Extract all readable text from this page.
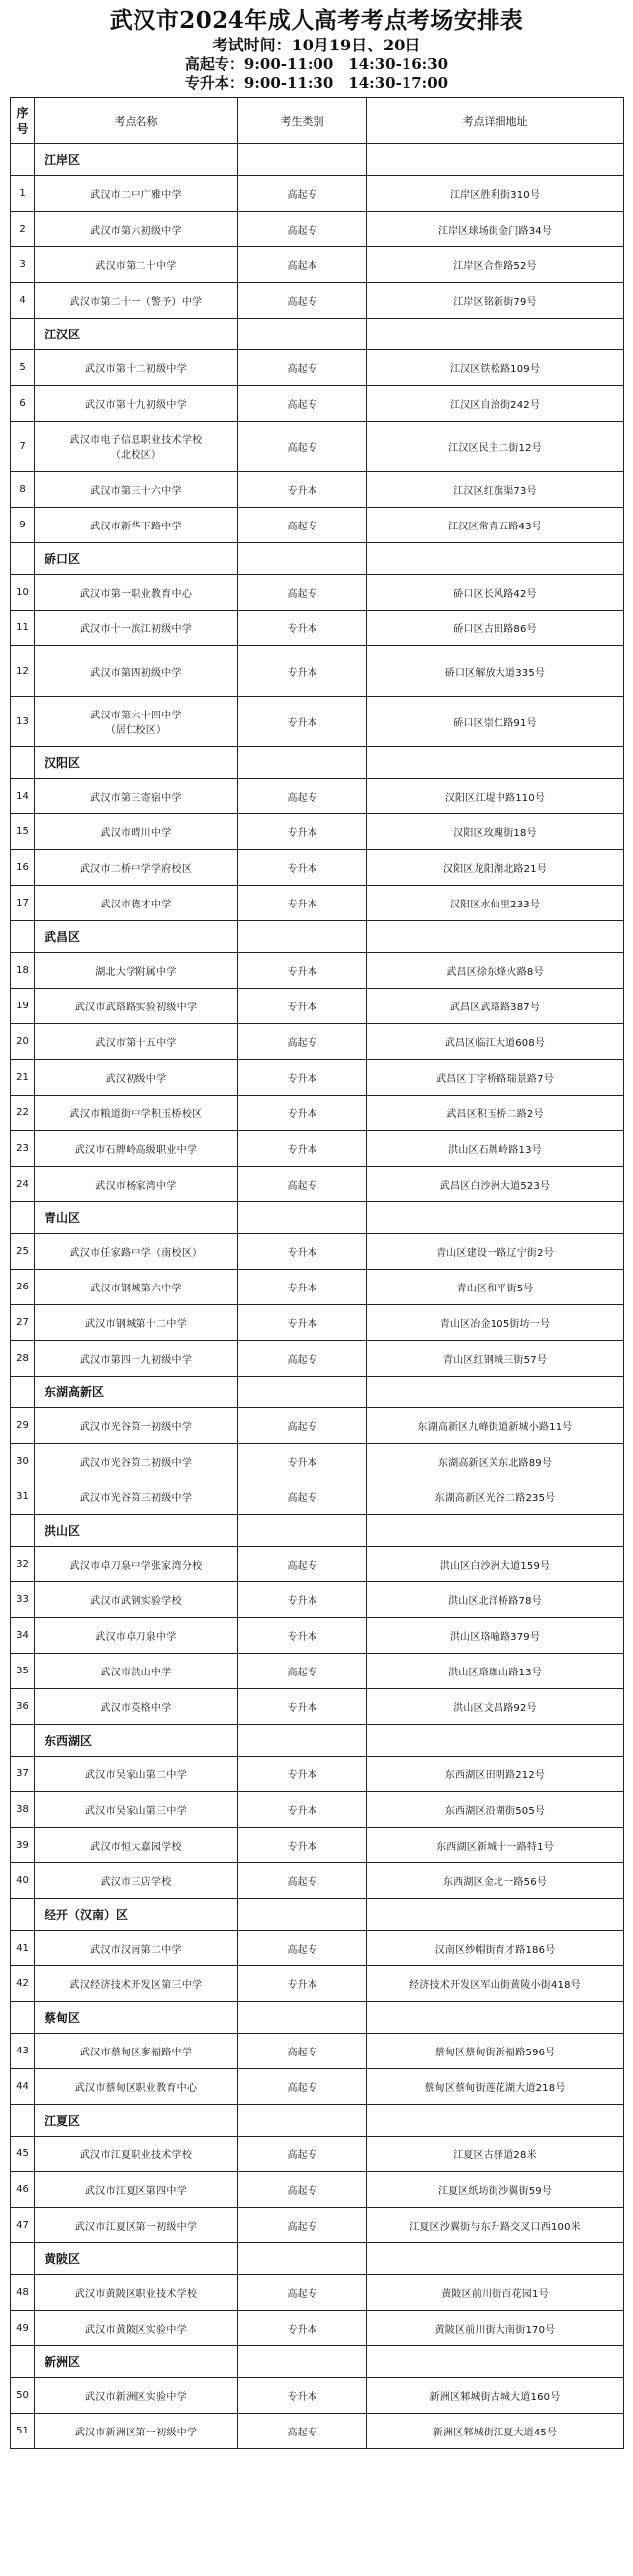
武汉市2024年成人高考考点考场安排表
考试时间：10月19日、20日
高起专：9:00-11:00　14:30-16:30
专升本：9:00-11:30　14:30-17:00
序
号	考点名称	考生类别	考点详细地址
	江岸区		
1	武汉市二中广雅中学	高起专	江岸区胜利街310号
2	武汉市第六初级中学	高起专	江岸区球场街金门路34号
3	武汉市第二十中学	高起本	江岸区合作路52号
4	武汉市第二十一（警予）中学	高起专	江岸区铭新街79号
	江汉区		
5	武汉市第十二初级中学	高起专	江汉区铁松路109号
6	武汉市第十九初级中学	高起专	江汉区自治街242号
7	武汉市电子信息职业技术学校
（北校区）	高起专	江汉区民主二街12号
8	武汉市第三十六中学	专升本	江汉区红旗渠73号
9	武汉市新华下路中学	高起专	江汉区常青五路43号
	硚口区		
10	武汉市第一职业教育中心	高起专	硚口区长风路42号
11	武汉市十一滨江初级中学	专升本	硚口区古田路86号
12	武汉市第四初级中学	专升本	硚口区解放大道335号
13	武汉市第六十四中学
（居仁校区）	专升本	硚口区崇仁路91号
	汉阳区		
14	武汉市第三寄宿中学	高起专	汉阳区江堤中路110号
15	武汉市晴川中学	专升本	汉阳区玫瑰街18号
16	武汉市二桥中学学府校区	专升本	汉阳区龙阳湖北路21号
17	武汉市德才中学	专升本	汉阳区水仙里233号
	武昌区		
18	湖北大学附属中学	专升本	武昌区徐东烽火路8号
19	武汉市武珞路实验初级中学	专升本	武昌区武珞路387号
20	武汉市第十五中学	高起专	武昌区临江大道608号
21	武汉初级中学	专升本	武昌区丁字桥路瑞景路7号
22	武汉市粮道街中学积玉桥校区	专升本	武昌区积玉桥二路2号
23	武汉市石牌岭高级职业中学	专升本	洪山区石牌岭路13号
24	武汉市杨家湾中学	高起专	武昌区白沙洲大道523号
	青山区		
25	武汉市任家路中学（南校区）	专升本	青山区建设一路辽宁街2号
26	武汉市钢城第六中学	专升本	青山区和平街5号
27	武汉市钢城第十二中学	专升本	青山区冶金105街坊一号
28	武汉市第四十九初级中学	高起专	青山区红钢城三街57号
	东湖高新区		
29	武汉市光谷第一初级中学	高起专	东湖高新区九峰街道新城小路11号
30	武汉市光谷第二初级中学	专升本	东湖高新区关东北路89号
31	武汉市光谷第三初级中学	高起专	东湖高新区光谷二路235号
	洪山区		
32	武汉市卓刀泉中学张家湾分校	高起专	洪山区白沙洲大道159号
33	武汉市武钢实验学校	专升本	洪山区北洋桥路78号
34	武汉市卓刀泉中学	专升本	洪山区珞喻路379号
35	武汉市洪山中学	高起专	洪山区珞珈山路13号
36	武汉市英格中学	专升本	洪山区文昌路92号
	东西湖区		
37	武汉市吴家山第二中学	专升本	东西湖区田明路212号
38	武汉市吴家山第三中学	专升本	东西湖区沿湖街505号
39	武汉市恒大嘉园学校	专升本	东西湖区新城十一路特1号
40	武汉市三店学校	高起专	东西湖区金北一路56号
	经开（汉南）区		
41	武汉市汉南第二中学	高起专	汉南区纱帽街育才路186号
42	武汉经济技术开发区第三中学	专升本	经济技术开发区军山街黄陵小街418号
	蔡甸区		
43	武汉市蔡甸区奓福路中学	高起专	蔡甸区蔡甸街新福路596号
44	武汉市蔡甸区职业教育中心	高起专	蔡甸区蔡甸街莲花湖大道218号
	江夏区		
45	武汉市江夏职业技术学校	高起专	江夏区古驿道28米
46	武汉市江夏区第四中学	高起专	江夏区纸坊街沙翼街59号
47	武汉市江夏区第一初级中学	高起专	江夏区沙翼街与东升路交叉口西100米
	黄陂区		
48	武汉市黄陂区职业技术学校	高起专	黄陂区前川街百花园1号
49	武汉市黄陂区实验中学	专升本	黄陂区前川街大南街170号
	新洲区		
50	武汉市新洲区实验中学	专升本	新洲区邾城街古城大道160号
51	武汉市新洲区第一初级中学	高起专	新洲区邾城街江夏大道45号
